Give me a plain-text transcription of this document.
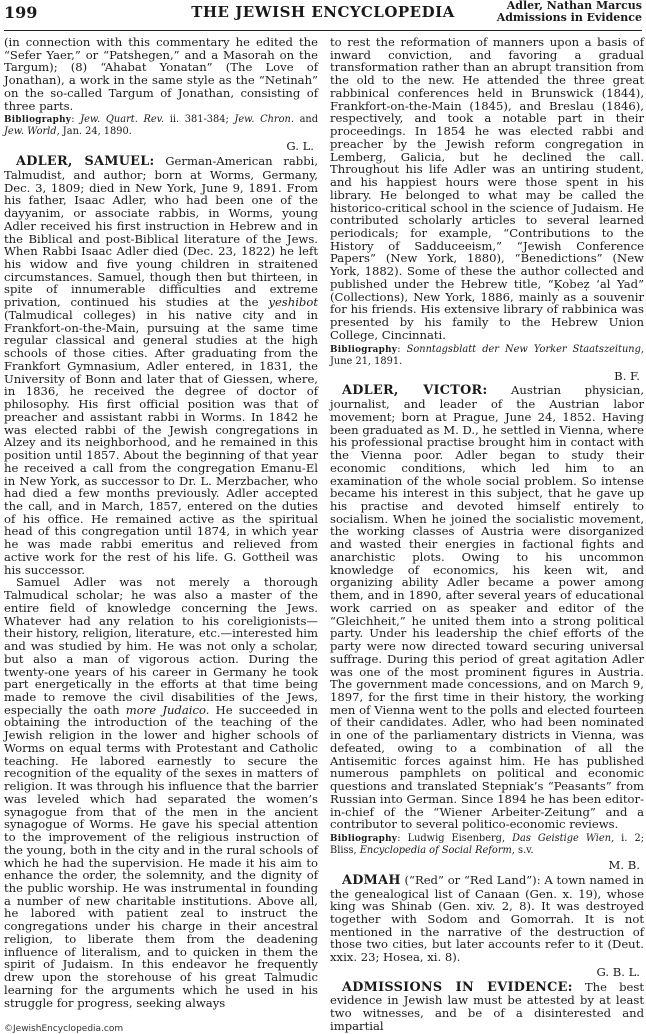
199	THE JEWISH ENCYCLOPEDIA	Adler, Nathan Marcus
Admissions in Evidence

(in connection with this commentary he edited the “Sefer Yaer,” or “Patshegen,” and a Masorah on the Targum); (8) “Ahabat Yonatan” (The Love of Jonathan), a work in the same style as the “Netinah” on the so-called Targum of Jonathan, consisting of three parts.

Bibliography: Jew. Quart. Rev. ii. 381-384; Jew. Chron. and Jew. World, Jan. 24, 1890.

G. L.

ADLER, SAMUEL: German-American rabbi, Talmudist, and author; born at Worms, Germany, Dec. 3, 1809; died in New York, June 9, 1891. From his father, Isaac Adler, who had been one of the dayyanim, or associate rabbis, in Worms, young Adler received his first instruction in Hebrew and in the Biblical and post-Biblical literature of the Jews. When Rabbi Isaac Adler died (Dec. 23, 1822) he left his widow and five young children in straitened circumstances. Samuel, though then but thirteen, in spite of innumerable difficulties and extreme privation, continued his studies at the yeshibot (Talmudical colleges) in his native city and in Frankfort-on-the-Main, pursuing at the same time regular classical and general studies at the high schools of those cities. After graduating from the Frankfort Gymnasium, Adler entered, in 1831, the University of Bonn and later that of Giessen, where, in 1836, he received the degree of doctor of philosophy. His first official position was that of preacher and assistant rabbi in Worms. In 1842 he was elected rabbi of the Jewish congregations in Alzey and its neighborhood, and he remained in this position until 1857. About the beginning of that year he received a call from the congregation Emanu-El in New York, as successor to Dr. L. Merzbacher, who had died a few months previously. Adler accepted the call, and in March, 1857, entered on the duties of his office. He remained active as the spiritual head of this congregation until 1874, in which year he was made rabbi emeritus and relieved from active work for the rest of his life. G. Gottheil was his successor.

Samuel Adler was not merely a thorough Talmudical scholar; he was also a master of the entire field of knowledge concerning the Jews. Whatever had any relation to his coreligionists—their history, religion, literature, etc.—interested him and was studied by him. He was not only a scholar, but also a man of vigorous action. During the twenty-one years of his career in Germany he took part energetically in the efforts at that time being made to remove the civil disabilities of the Jews, especially the oath more Judaico. He succeeded in obtaining the introduction of the teaching of the Jewish religion in the lower and higher schools of Worms on equal terms with Protestant and Catholic teaching. He labored earnestly to secure the recognition of the equality of the sexes in matters of religion. It was through his influence that the barrier was leveled which had separated the women’s synagogue from that of the men in the ancient synagogue of Worms. He gave his special attention to the improvement of the religious instruction of the young, both in the city and in the rural schools of which he had the supervision. He made it his aim to enhance the order, the solemnity, and the dignity of the public worship. He was instrumental in founding a number of new charitable institutions. Above all, he labored with patient zeal to instruct the congregations under his charge in their ancestral religion, to liberate them from the deadening influence of literalism, and to quicken in them the spirit of Judaism. In this endeavor he frequently drew upon the storehouse of his great Talmudic learning for the arguments which he used in his struggle for progress, seeking always

to rest the reformation of manners upon a basis of inward conviction, and favoring a gradual transformation rather than an abrupt transition from the old to the new. He attended the three great rabbinical conferences held in Brunswick (1844), Frankfort-on-the-Main (1845), and Breslau (1846), respectively, and took a notable part in their proceedings. In 1854 he was elected rabbi and preacher by the Jewish reform congregation in Lemberg, Galicia, but he declined the call. Throughout his life Adler was an untiring student, and his happiest hours were those spent in his library. He belonged to what may be called the historico-critical school in the science of Judaism. He contributed scholarly articles to several learned periodicals; for example, “Contributions to the History of Sadduceeism,” “Jewish Conference Papers” (New York, 1880), “Benedictions” (New York, 1882). Some of these the author collected and published under the Hebrew title, “Ḳobeẓ ‘al Yad” (Collections), New York, 1886, mainly as a souvenir for his friends. His extensive library of rabbinica was presented by his family to the Hebrew Union College, Cincinnati.

Bibliography: Sonntagsblatt der New Yorker Staatszeitung, June 21, 1891.

B. F.

ADLER, VICTOR: Austrian physician, journalist, and leader of the Austrian labor movement; born at Prague, June 24, 1852. Having been graduated as M. D., he settled in Vienna, where his professional practise brought him in contact with the Vienna poor. Adler began to study their economic conditions, which led him to an examination of the whole social problem. So intense became his interest in this subject, that he gave up his practise and devoted himself entirely to socialism. When he joined the socialistic movement, the working classes of Austria were disorganized and wasted their energies in factional fights and anarchistic plots. Owing to his uncommon knowledge of economics, his keen wit, and organizing ability Adler became a power among them, and in 1890, after several years of educational work carried on as speaker and editor of the “Gleichheit,” he united them into a strong political party. Under his leadership the chief efforts of the party were now directed toward securing universal suffrage. During this period of great agitation Adler was one of the most prominent figures in Austria. The government made concessions, and on March 9, 1897, for the first time in their history, the working men of Vienna went to the polls and elected fourteen of their candidates. Adler, who had been nominated in one of the parliamentary districts in Vienna, was defeated, owing to a combination of all the Antisemitic forces against him. He has published numerous pamphlets on political and economic questions and translated Stepniak’s “Peasants” from Russian into German. Since 1894 he has been editor-in-chief of the “Wiener Arbeiter-Zeitung” and a contributor to several politico-economic reviews.

Bibliography: Ludwig Eisenberg, Das Geistige Wien, i. 2; Bliss, Encyclopedia of Social Reform, s.v.

M. B.

ADMAH (“Red” or “Red Land”): A town named in the genealogical list of Canaan (Gen. x. 19), whose king was Shinab (Gen. xiv. 2, 8). It was destroyed together with Sodom and Gomorrah. It is not mentioned in the narrative of the destruction of those two cities, but later accounts refer to it (Deut. xxix. 23; Hosea, xi. 8).

G. B. L.

ADMISSIONS IN EVIDENCE: The best evidence in Jewish law must be attested by at least two witnesses, and be of a disinterested and impartial

©JewishEncyclopedia.com
